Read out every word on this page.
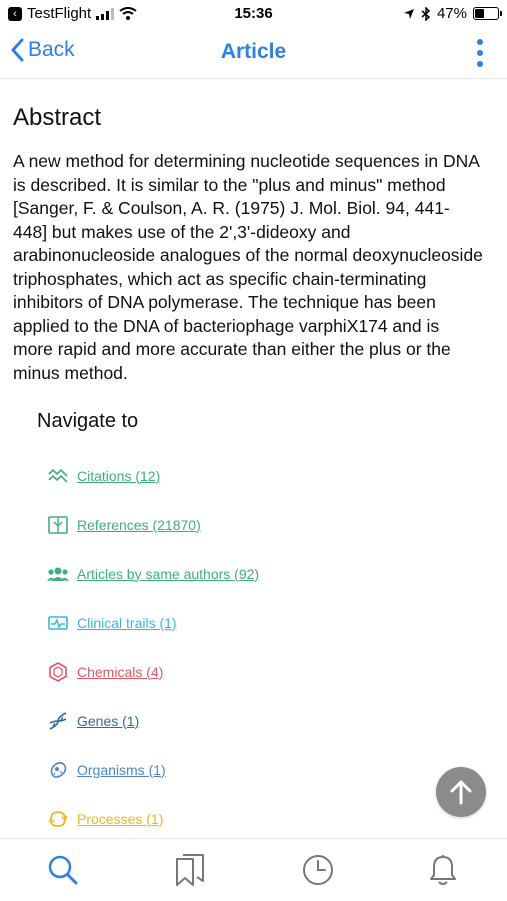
‹ TestFlight	15:36	47%
Back	Article
Abstract

A new method for determining nucleotide sequences in DNA is described. It is similar to the "plus and minus" method [Sanger, F. & Coulson, A. R. (1975) J. Mol. Biol. 94, 441-448] but makes use of the 2',3'-dideoxy and arabinonucleoside analogues of the normal deoxynucleoside triphosphates, which act as specific chain-terminating inhibitors of DNA polymerase. The technique has been applied to the DNA of bacteriophage varphiX174 and is more rapid and more accurate than either the plus or the minus method.

Navigate to
Citations (12)
References (21870)
Articles by same authors (92)
Clinical trails (1)
Chemicals (4)
Genes (1)
Organisms (1)
Processes (1)
